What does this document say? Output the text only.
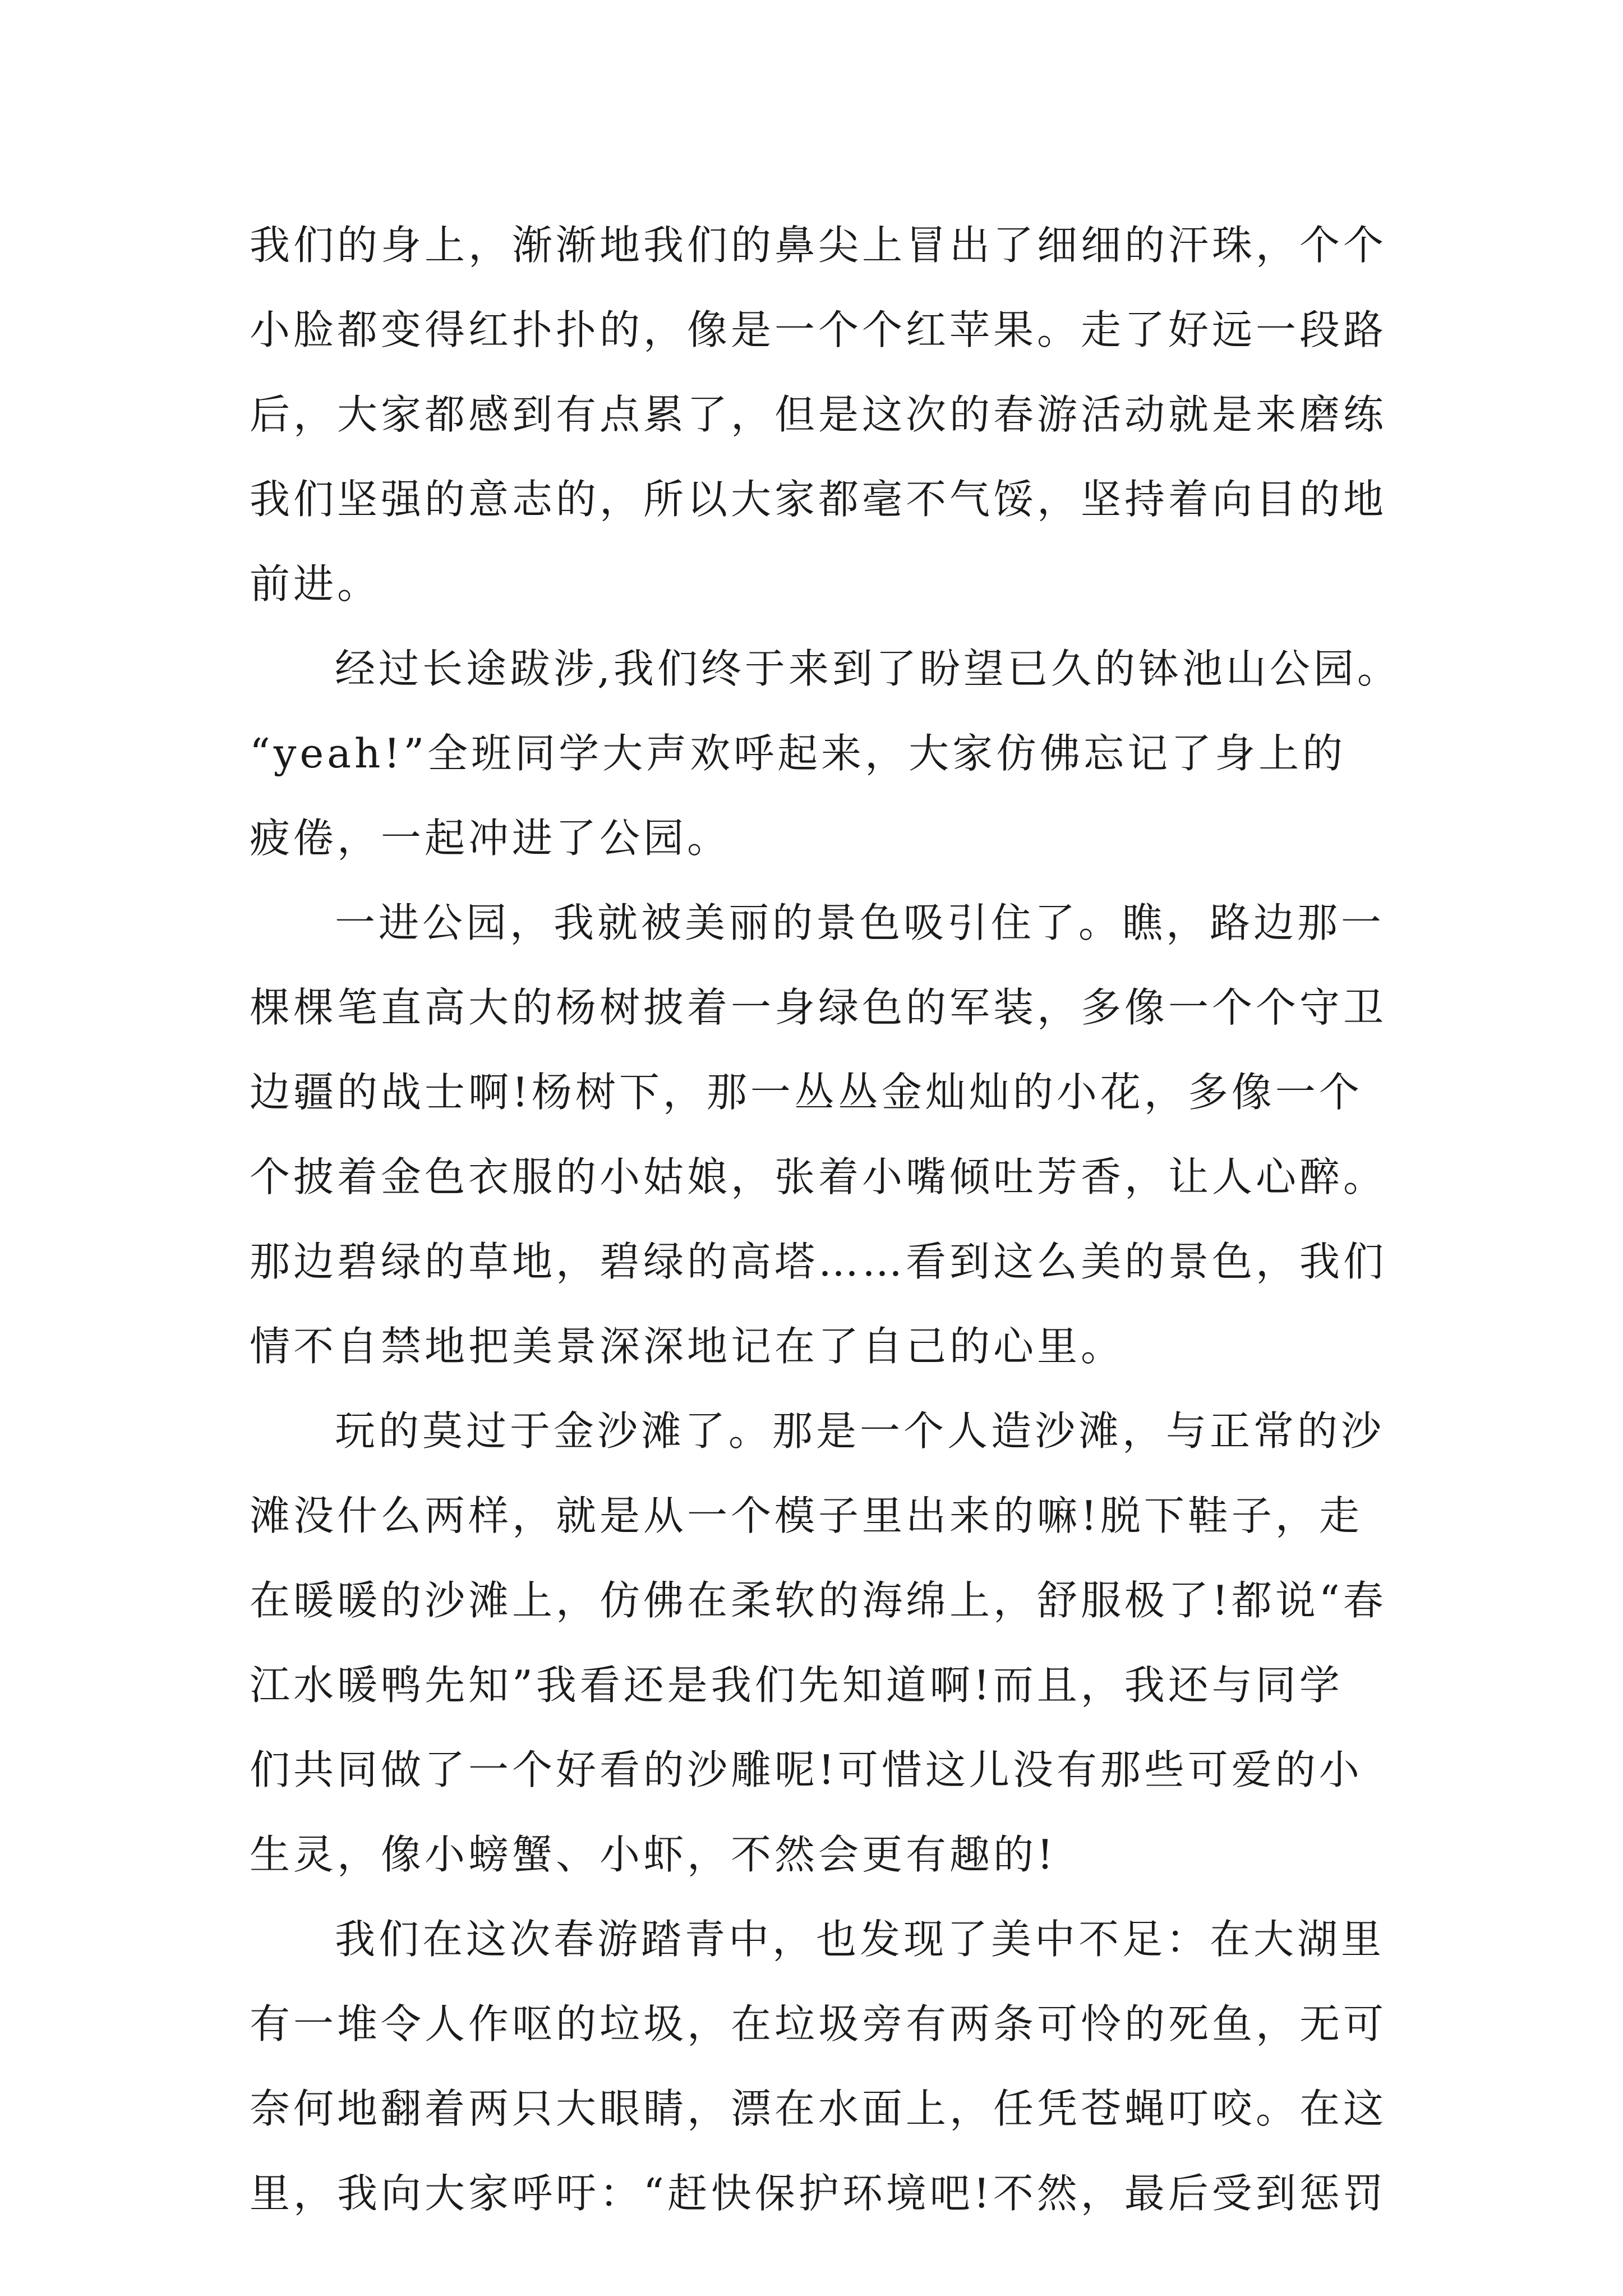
我们的身上，渐渐地我们的鼻尖上冒出了细细的汗珠，个个
小脸都变得红扑扑的，像是一个个红苹果。走了好远一段路
后，大家都感到有点累了，但是这次的春游活动就是来磨练
我们坚强的意志的，所以大家都毫不气馁，坚持着向目的地
前进。

经过长途跋涉,我们终于来到了盼望已久的钵池山公园。
“yeah!”全班同学大声欢呼起来，大家仿佛忘记了身上的
疲倦，一起冲进了公园。

一进公园，我就被美丽的景色吸引住了。瞧，路边那一
棵棵笔直高大的杨树披着一身绿色的军装，多像一个个守卫
边疆的战士啊!杨树下，那一丛丛金灿灿的小花，多像一个
个披着金色衣服的小姑娘，张着小嘴倾吐芳香，让人心醉。
那边碧绿的草地，碧绿的高塔……看到这么美的景色，我们
情不自禁地把美景深深地记在了自己的心里。

玩的莫过于金沙滩了。那是一个人造沙滩，与正常的沙
滩没什么两样，就是从一个模子里出来的嘛!脱下鞋子，走
在暖暖的沙滩上，仿佛在柔软的海绵上，舒服极了!都说“春
江水暖鸭先知”我看还是我们先知道啊!而且，我还与同学
们共同做了一个好看的沙雕呢!可惜这儿没有那些可爱的小
生灵，像小螃蟹、小虾，不然会更有趣的!

我们在这次春游踏青中，也发现了美中不足：在大湖里
有一堆令人作呕的垃圾，在垃圾旁有两条可怜的死鱼，无可
奈何地翻着两只大眼睛，漂在水面上，任凭苍蝇叮咬。在这
里，我向大家呼吁：“赶快保护环境吧!不然，最后受到惩罚
